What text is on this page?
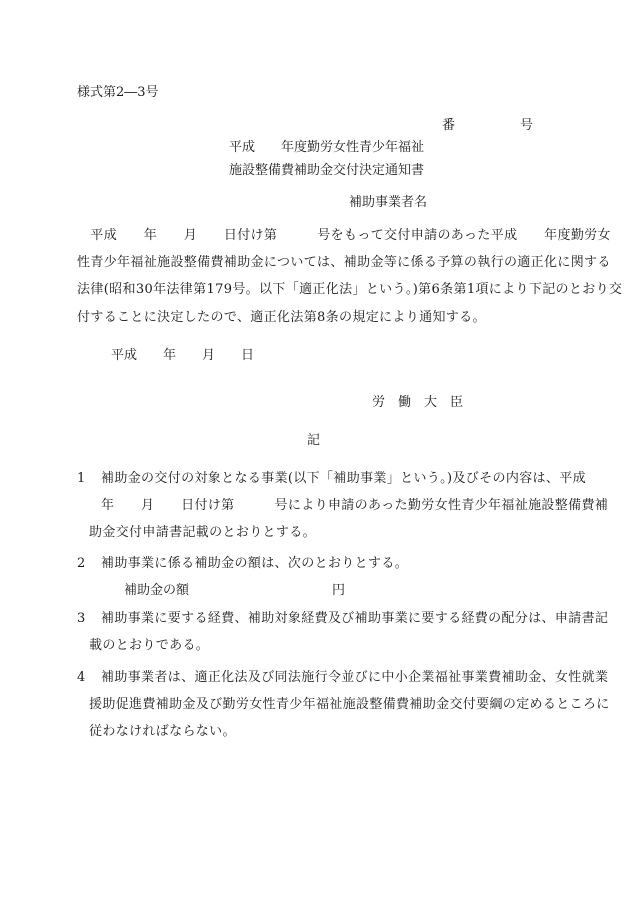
様式第2―3号

番　　　　　号

平成　　年度勤労女性青少年福祉

施設整備費補助金交付決定通知書

補助事業者名

　平成　　年　　月　　日付け第　　　号をもって交付申請のあった平成　　年度勤労女

性青少年福祉施設整備費補助金については、補助金等に係る予算の執行の適正化に関する

法律(昭和30年法律第179号。以下「適正化法」という。)第6条第1項により下記のとおり交

付することに決定したので、適正化法第8条の規定により通知する。

平成　　年　　月　　日

労　働　大　臣

記

1 補助金の交付の対象となる事業(以下「補助事業」という。)及びその内容は、平成

年　　月　　日付け第　　　号により申請のあった勤労女性青少年福祉施設整備費補

助金交付申請書記載のとおりとする。

2 補助事業に係る補助金の額は、次のとおりとする。

補助金の額　　　　　　　　　　　円

3 補助事業に要する経費、補助対象経費及び補助事業に要する経費の配分は、申請書記

載のとおりである。

4 補助事業者は、適正化法及び同法施行令並びに中小企業福祉事業費補助金、女性就業

援助促進費補助金及び勤労女性青少年福祉施設整備費補助金交付要綱の定めるところに

従わなければならない。
